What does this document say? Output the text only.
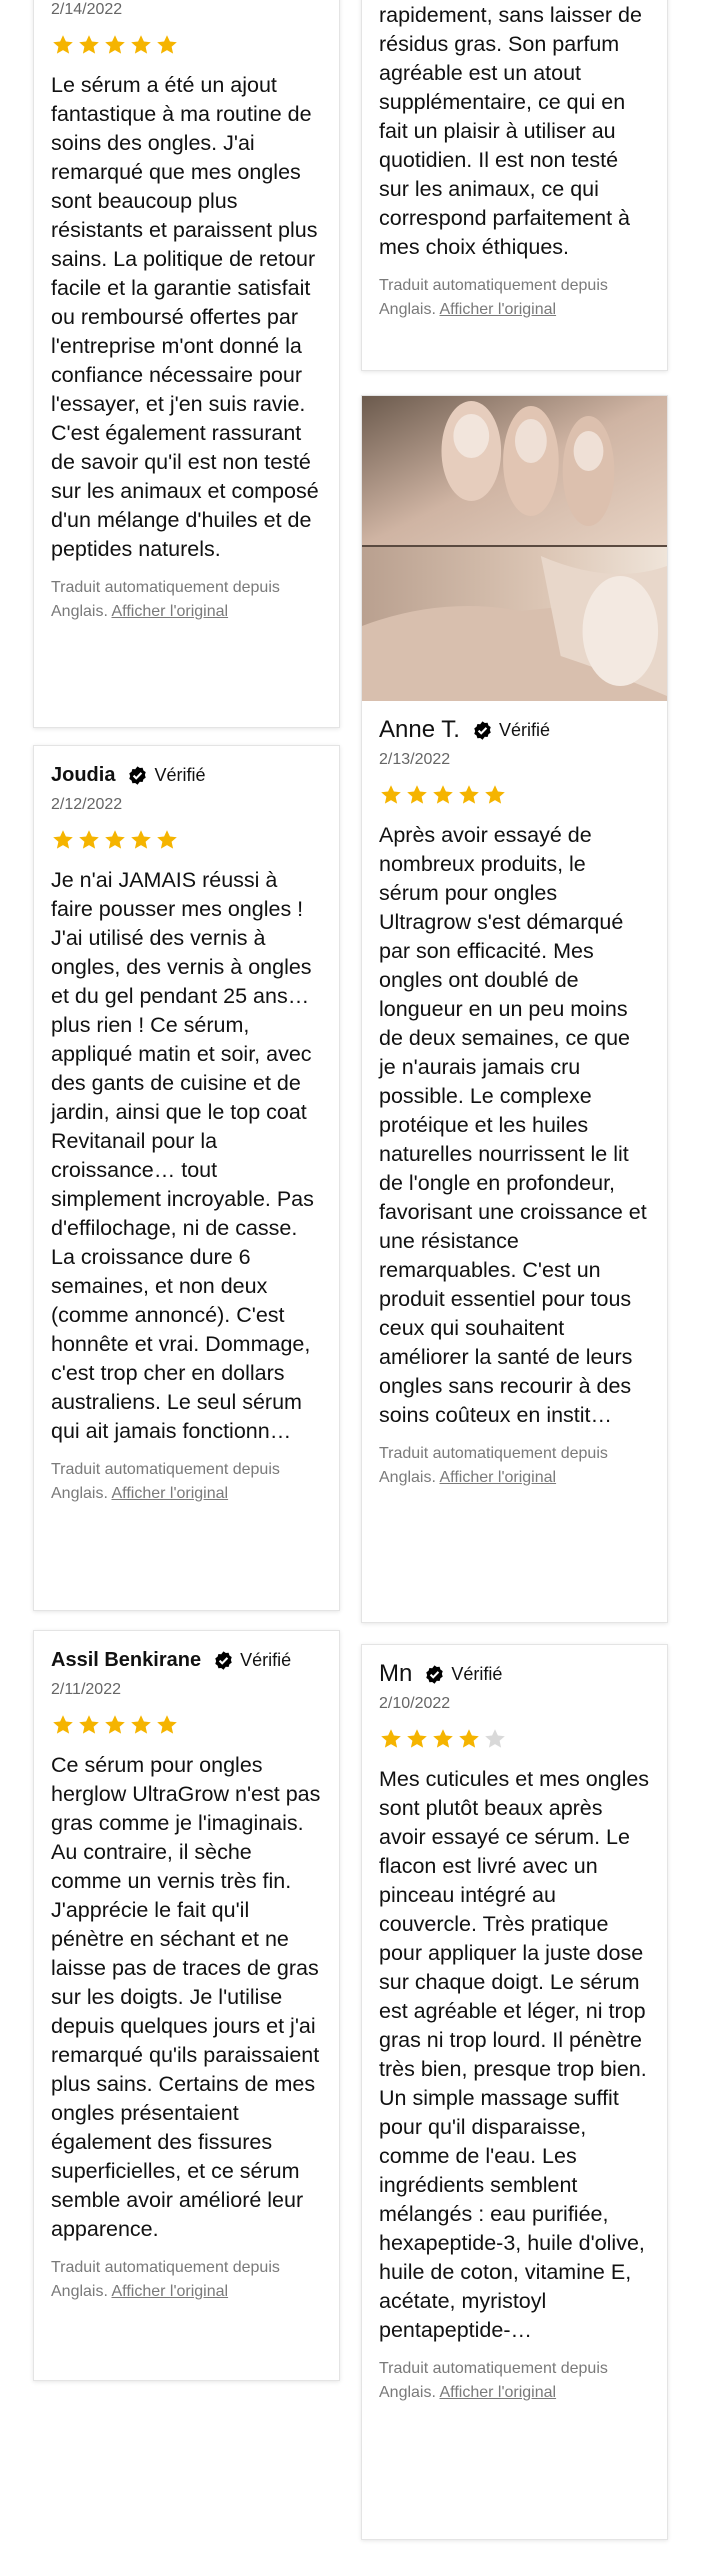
2/14/2022
Le sérum a été un ajout fantastique à ma routine de soins des ongles. J'ai remarqué que mes ongles sont beaucoup plus résistants et paraissent plus sains. La politique de retour facile et la garantie satisfait ou remboursé offertes par l'entreprise m'ont donné la confiance nécessaire pour l'essayer, et j'en suis ravie. C'est également rassurant de savoir qu'il est non testé sur les animaux et composé d'un mélange d'huiles et de peptides naturels.
Traduit automatiquement depuis Anglais. Afficher l'original
Joudia Vérifié
2/12/2022
Je n'ai JAMAIS réussi à faire pousser mes ongles ! J'ai utilisé des vernis à ongles, des vernis à ongles et du gel pendant 25 ans… plus rien ! Ce sérum, appliqué matin et soir, avec des gants de cuisine et de jardin, ainsi que le top coat Revitanail pour la croissance… tout simplement incroyable. Pas d'effilochage, ni de casse. La croissance dure 6 semaines, et non deux (comme annoncé). C'est honnête et vrai. Dommage, c'est trop cher en dollars australiens. Le seul sérum qui ait jamais fonctionn…
Traduit automatiquement depuis Anglais. Afficher l'original
Assil Benkirane Vérifié
2/11/2022
Ce sérum pour ongles herglow UltraGrow n'est pas gras comme je l'imaginais. Au contraire, il sèche comme un vernis très fin. J'apprécie le fait qu'il pénètre en séchant et ne laisse pas de traces de gras sur les doigts. Je l'utilise depuis quelques jours et j'ai remarqué qu'ils paraissaient plus sains. Certains de mes ongles présentaient également des fissures superficielles, et ce sérum semble avoir amélioré leur apparence.
Traduit automatiquement depuis Anglais. Afficher l'original
rapidement, sans laisser de résidus gras. Son parfum agréable est un atout supplémentaire, ce qui en fait un plaisir à utiliser au quotidien. Il est non testé sur les animaux, ce qui correspond parfaitement à mes choix éthiques.
Traduit automatiquement depuis Anglais. Afficher l'original
Anne T. Vérifié
2/13/2022
Après avoir essayé de nombreux produits, le sérum pour ongles Ultragrow s'est démarqué par son efficacité. Mes ongles ont doublé de longueur en un peu moins de deux semaines, ce que je n'aurais jamais cru possible. Le complexe protéique et les huiles naturelles nourrissent le lit de l'ongle en profondeur, favorisant une croissance et une résistance remarquables. C'est un produit essentiel pour tous ceux qui souhaitent améliorer la santé de leurs ongles sans recourir à des soins coûteux en instit…
Traduit automatiquement depuis Anglais. Afficher l'original
Mn Vérifié
2/10/2022
Mes cuticules et mes ongles sont plutôt beaux après avoir essayé ce sérum. Le flacon est livré avec un pinceau intégré au couvercle. Très pratique pour appliquer la juste dose sur chaque doigt. Le sérum est agréable et léger, ni trop gras ni trop lourd. Il pénètre très bien, presque trop bien. Un simple massage suffit pour qu'il disparaisse, comme de l'eau. Les ingrédients semblent mélangés : eau purifiée, hexapeptide-3, huile d'olive, huile de coton, vitamine E, acétate, myristoyl pentapeptide-…
Traduit automatiquement depuis Anglais. Afficher l'original
